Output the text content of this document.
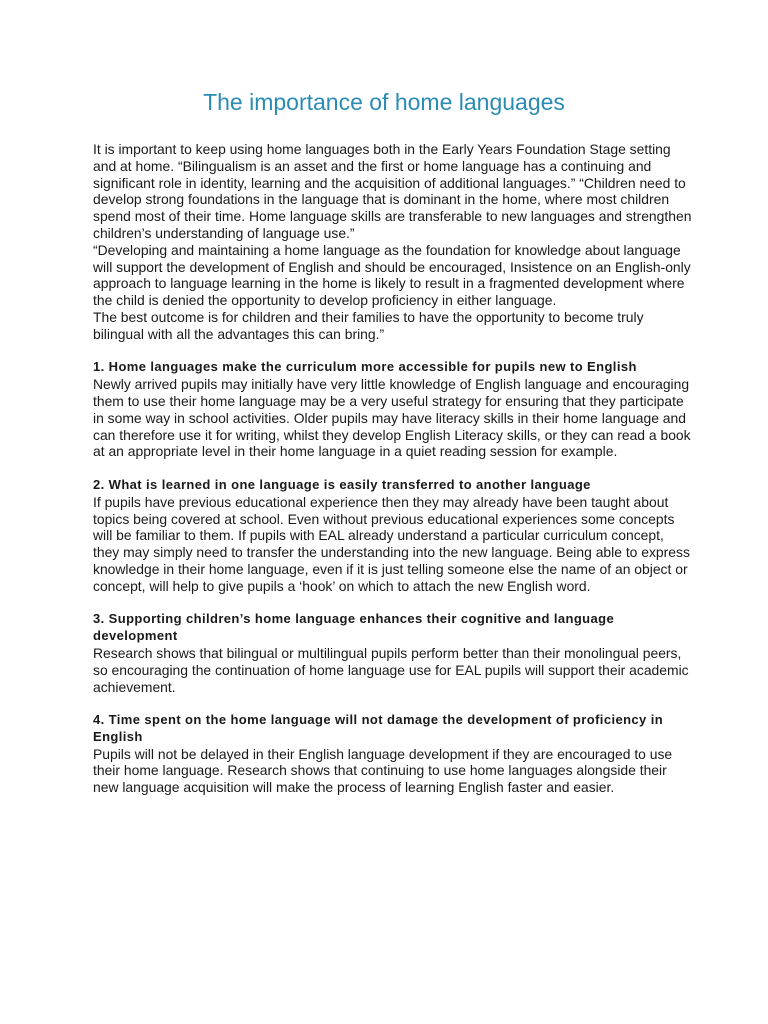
The importance of home languages

It is important to keep using home languages both in the Early Years Foundation Stage setting and at home. “Bilingualism is an asset and the first or home language has a continuing and significant role in identity, learning and the acquisition of additional languages.” “Children need to develop strong foundations in the language that is dominant in the home, where most children spend most of their time. Home language skills are transferable to new languages and strengthen children’s understanding of language use.”

“Developing and maintaining a home language as the foundation for knowledge about language will support the development of English and should be encouraged, Insistence on an English-only approach to language learning in the home is likely to result in a fragmented development where the child is denied the opportunity to develop proficiency in either language.

The best outcome is for children and their families to have the opportunity to become truly bilingual with all the advantages this can bring.”

1. Home languages make the curriculum more accessible for pupils new to English

Newly arrived pupils may initially have very little knowledge of English language and encouraging them to use their home language may be a very useful strategy for ensuring that they participate in some way in school activities. Older pupils may have literacy skills in their home language and can therefore use it for writing, whilst they develop English Literacy skills, or they can read a book at an appropriate level in their home language in a quiet reading session for example.

2. What is learned in one language is easily transferred to another language

If pupils have previous educational experience then they may already have been taught about topics being covered at school. Even without previous educational experiences some concepts will be familiar to them. If pupils with EAL already understand a particular curriculum concept, they may simply need to transfer the understanding into the new language. Being able to express knowledge in their home language, even if it is just telling someone else the name of an object or concept, will help to give pupils a ‘hook’ on which to attach the new English word.

3. Supporting children’s home language enhances their cognitive and language development

Research shows that bilingual or multilingual pupils perform better than their monolingual peers, so encouraging the continuation of home language use for EAL pupils will support their academic achievement.

4. Time spent on the home language will not damage the development of proficiency in English

Pupils will not be delayed in their English language development if they are encouraged to use their home language. Research shows that continuing to use home languages alongside their new language acquisition will make the process of learning English faster and easier.
